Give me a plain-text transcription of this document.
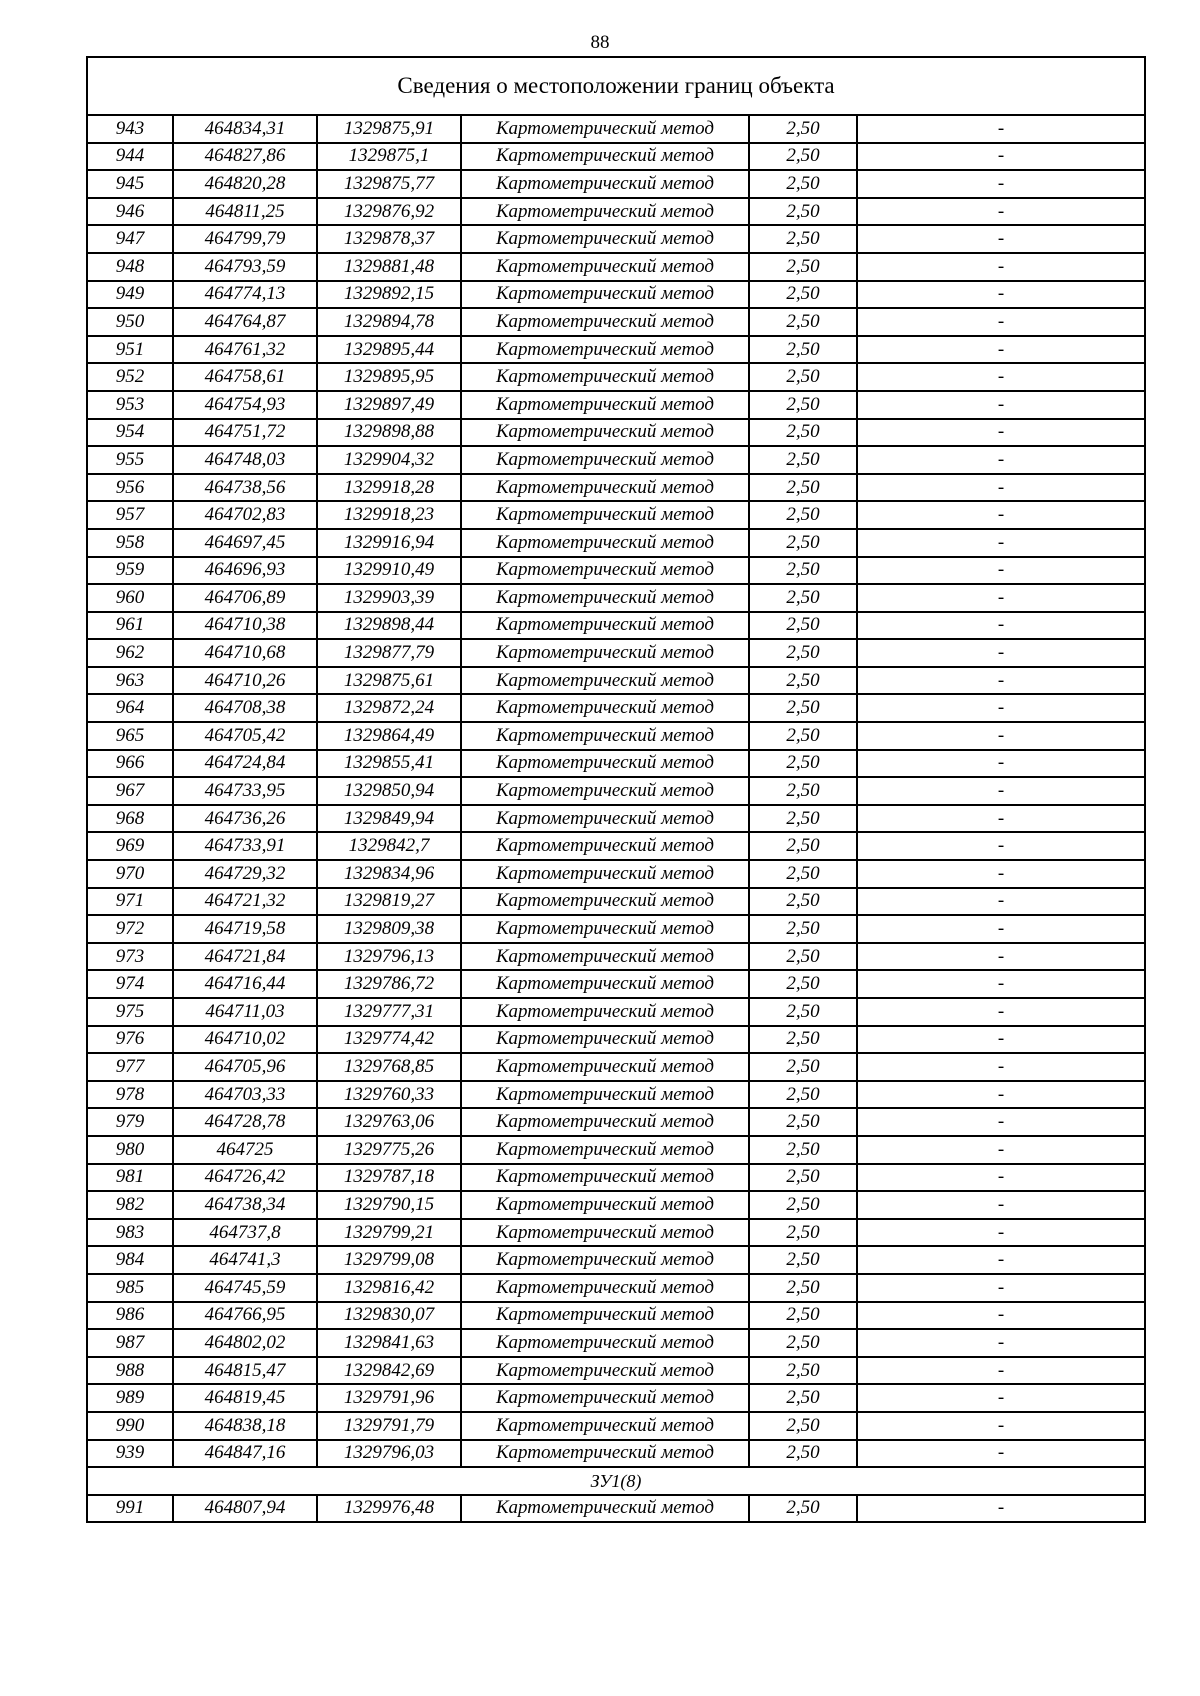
88
Сведения о местоположении границ объекта					
943	464834,31	1329875,91	Картометрический метод	2,50	-
944	464827,86	1329875,1	Картометрический метод	2,50	-
945	464820,28	1329875,77	Картометрический метод	2,50	-
946	464811,25	1329876,92	Картометрический метод	2,50	-
947	464799,79	1329878,37	Картометрический метод	2,50	-
948	464793,59	1329881,48	Картометрический метод	2,50	-
949	464774,13	1329892,15	Картометрический метод	2,50	-
950	464764,87	1329894,78	Картометрический метод	2,50	-
951	464761,32	1329895,44	Картометрический метод	2,50	-
952	464758,61	1329895,95	Картометрический метод	2,50	-
953	464754,93	1329897,49	Картометрический метод	2,50	-
954	464751,72	1329898,88	Картометрический метод	2,50	-
955	464748,03	1329904,32	Картометрический метод	2,50	-
956	464738,56	1329918,28	Картометрический метод	2,50	-
957	464702,83	1329918,23	Картометрический метод	2,50	-
958	464697,45	1329916,94	Картометрический метод	2,50	-
959	464696,93	1329910,49	Картометрический метод	2,50	-
960	464706,89	1329903,39	Картометрический метод	2,50	-
961	464710,38	1329898,44	Картометрический метод	2,50	-
962	464710,68	1329877,79	Картометрический метод	2,50	-
963	464710,26	1329875,61	Картометрический метод	2,50	-
964	464708,38	1329872,24	Картометрический метод	2,50	-
965	464705,42	1329864,49	Картометрический метод	2,50	-
966	464724,84	1329855,41	Картометрический метод	2,50	-
967	464733,95	1329850,94	Картометрический метод	2,50	-
968	464736,26	1329849,94	Картометрический метод	2,50	-
969	464733,91	1329842,7	Картометрический метод	2,50	-
970	464729,32	1329834,96	Картометрический метод	2,50	-
971	464721,32	1329819,27	Картометрический метод	2,50	-
972	464719,58	1329809,38	Картометрический метод	2,50	-
973	464721,84	1329796,13	Картометрический метод	2,50	-
974	464716,44	1329786,72	Картометрический метод	2,50	-
975	464711,03	1329777,31	Картометрический метод	2,50	-
976	464710,02	1329774,42	Картометрический метод	2,50	-
977	464705,96	1329768,85	Картометрический метод	2,50	-
978	464703,33	1329760,33	Картометрический метод	2,50	-
979	464728,78	1329763,06	Картометрический метод	2,50	-
980	464725	1329775,26	Картометрический метод	2,50	-
981	464726,42	1329787,18	Картометрический метод	2,50	-
982	464738,34	1329790,15	Картометрический метод	2,50	-
983	464737,8	1329799,21	Картометрический метод	2,50	-
984	464741,3	1329799,08	Картометрический метод	2,50	-
985	464745,59	1329816,42	Картометрический метод	2,50	-
986	464766,95	1329830,07	Картометрический метод	2,50	-
987	464802,02	1329841,63	Картометрический метод	2,50	-
988	464815,47	1329842,69	Картометрический метод	2,50	-
989	464819,45	1329791,96	Картометрический метод	2,50	-
990	464838,18	1329791,79	Картометрический метод	2,50	-
939	464847,16	1329796,03	Картометрический метод	2,50	-
ЗУ1(8)					
991	464807,94	1329976,48	Картометрический метод	2,50	-
